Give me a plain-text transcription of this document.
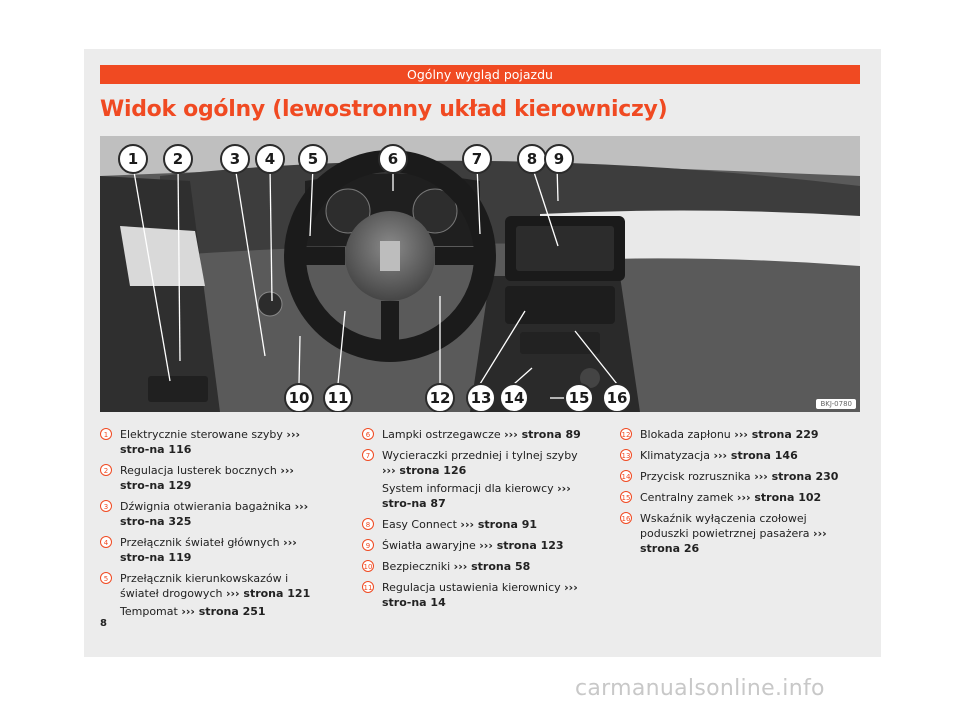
Ogólny wygląd pojazdu
Widok ogólny (lewostronny układ kierowniczy)
1	2	3	4	5	6	7	8	9
10	11	12	13 14	15	16	BKJ-0780
1	Elektrycznie sterowane szyby ››› stro-na 116
2	Regulacja lusterek bocznych ››› stro-na 129
3	Dźwignia otwierania bagażnika ››› stro-na 325
4	Przełącznik świateł głównych ››› stro-na 119
5	Przełącznik kierunkowskazów i świateł drogowych ››› strona 121
Tempomat ››› strona 251
6	Lampki ostrzegawcze ››› strona 89
7	Wycieraczki przedniej i tylnej szyby ››› strona 126
System informacji dla kierowcy ››› stro-na 87
8	Easy Connect ››› strona 91
9	Światła awaryjne ››› strona 123
10 Bezpieczniki ››› strona 58
11 Regulacja ustawienia kierownicy ››› stro-na 14
12 Blokada zapłonu ››› strona 229
13 Klimatyzacja ››› strona 146
14 Przycisk rozrusznika ››› strona 230
15 Centralny zamek ››› strona 102
16 Wskaźnik wyłączenia czołowej poduszki powietrznej pasażera ››› strona 26
8
carmanualsonline.info
